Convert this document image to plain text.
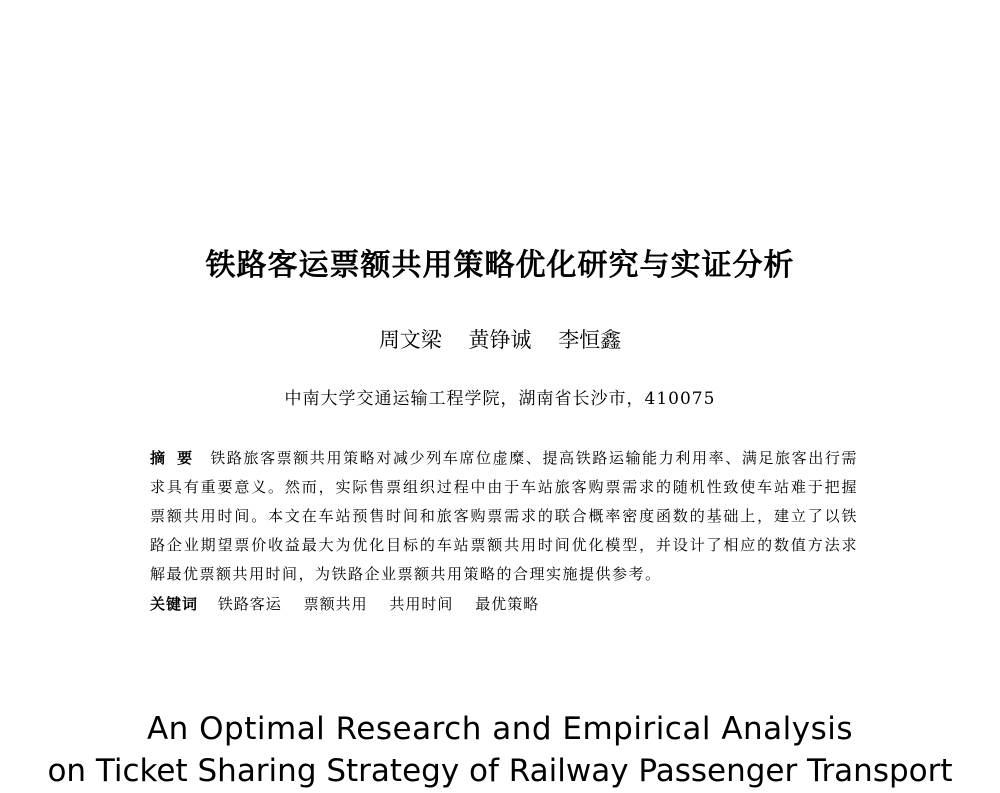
铁路客运票额共用策略优化研究与实证分析
周文梁 黄铮诚 李恒鑫
中南大学交通运输工程学院，湖南省长沙市，410075
摘要 铁路旅客票额共用策略对减少列车席位虚糜、提高铁路运输能力利用率、满足旅客出行需求具有重要意义。然而，实际售票组织过程中由于车站旅客购票需求的随机性致使车站难于把握票额共用时间。本文在车站预售时间和旅客购票需求的联合概率密度函数的基础上，建立了以铁路企业期望票价收益最大为优化目标的车站票额共用时间优化模型，并设计了相应的数值方法求解最优票额共用时间，为铁路企业票额共用策略的合理实施提供参考。
关键词 铁路客运 票额共用 共用时间 最优策略
An Optimal Research and Empirical Analysis
on Ticket Sharing Strategy of Railway Passenger Transport
